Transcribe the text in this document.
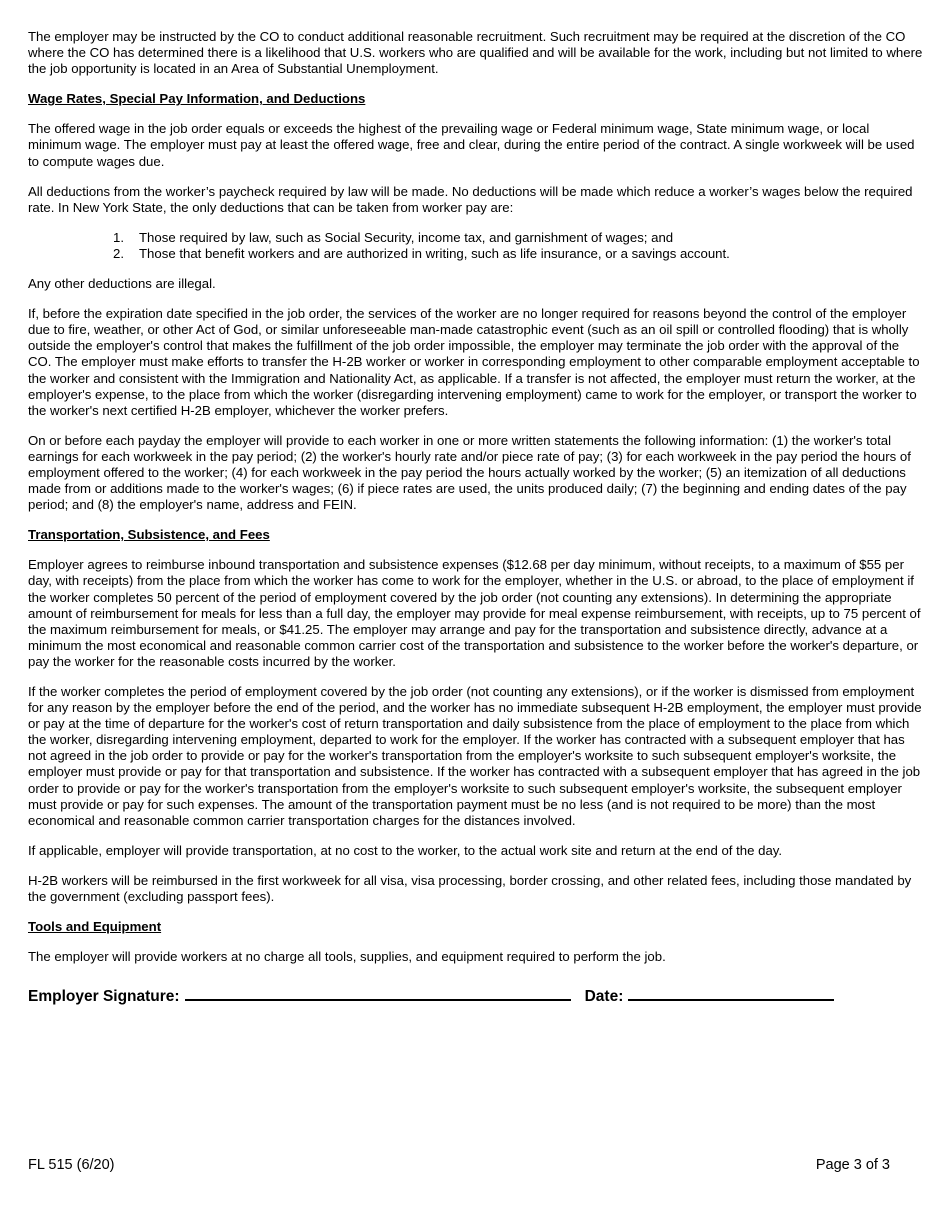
The employer may be instructed by the CO to conduct additional reasonable recruitment. Such recruitment may be required at the discretion of the CO where the CO has determined there is a likelihood that U.S. workers who are qualified and will be available for the work, including but not limited to where the job opportunity is located in an Area of Substantial Unemployment.

Wage Rates, Special Pay Information, and Deductions

The offered wage in the job order equals or exceeds the highest of the prevailing wage or Federal minimum wage, State minimum wage, or local minimum wage. The employer must pay at least the offered wage, free and clear, during the entire period of the contract. A single workweek will be used to compute wages due.

All deductions from the worker’s paycheck required by law will be made. No deductions will be made which reduce a worker’s wages below the required rate. In New York State, the only deductions that can be taken from worker pay are:

1. Those required by law, such as Social Security, income tax, and garnishment of wages; and
2. Those that benefit workers and are authorized in writing, such as life insurance, or a savings account.

Any other deductions are illegal.

If, before the expiration date specified in the job order, the services of the worker are no longer required for reasons beyond the control of the employer due to fire, weather, or other Act of God, or similar unforeseeable man-made catastrophic event (such as an oil spill or controlled flooding) that is wholly outside the employer's control that makes the fulfillment of the job order impossible, the employer may terminate the job order with the approval of the CO. The employer must make efforts to transfer the H-2B worker or worker in corresponding employment to other comparable employment acceptable to the worker and consistent with the Immigration and Nationality Act, as applicable. If a transfer is not affected, the employer must return the worker, at the employer's expense, to the place from which the worker (disregarding intervening employment) came to work for the employer, or transport the worker to the worker's next certified H-2B employer, whichever the worker prefers.

On or before each payday the employer will provide to each worker in one or more written statements the following information: (1) the worker's total earnings for each workweek in the pay period; (2) the worker's hourly rate and/or piece rate of pay; (3) for each workweek in the pay period the hours of employment offered to the worker; (4) for each workweek in the pay period the hours actually worked by the worker; (5) an itemization of all deductions made from or additions made to the worker's wages; (6) if piece rates are used, the units produced daily; (7) the beginning and ending dates of the pay period; and (8) the employer's name, address and FEIN.

Transportation, Subsistence, and Fees

Employer agrees to reimburse inbound transportation and subsistence expenses ($12.68 per day minimum, without receipts, to a maximum of $55 per day, with receipts) from the place from which the worker has come to work for the employer, whether in the U.S. or abroad, to the place of employment if the worker completes 50 percent of the period of employment covered by the job order (not counting any extensions). In determining the appropriate amount of reimbursement for meals for less than a full day, the employer may provide for meal expense reimbursement, with receipts, up to 75 percent of the maximum reimbursement for meals, or $41.25. The employer may arrange and pay for the transportation and subsistence directly, advance at a minimum the most economical and reasonable common carrier cost of the transportation and subsistence to the worker before the worker's departure, or pay the worker for the reasonable costs incurred by the worker.

If the worker completes the period of employment covered by the job order (not counting any extensions), or if the worker is dismissed from employment for any reason by the employer before the end of the period, and the worker has no immediate subsequent H-2B employment, the employer must provide or pay at the time of departure for the worker's cost of return transportation and daily subsistence from the place of employment to the place from which the worker, disregarding intervening employment, departed to work for the employer. If the worker has contracted with a subsequent employer that has not agreed in the job order to provide or pay for the worker's transportation from the employer's worksite to such subsequent employer's worksite, the employer must provide or pay for that transportation and subsistence. If the worker has contracted with a subsequent employer that has agreed in the job order to provide or pay for the worker's transportation from the employer's worksite to such subsequent employer's worksite, the subsequent employer must provide or pay for such expenses. The amount of the transportation payment must be no less (and is not required to be more) than the most economical and reasonable common carrier transportation charges for the distances involved.

If applicable, employer will provide transportation, at no cost to the worker, to the actual work site and return at the end of the day.

H-2B workers will be reimbursed in the first workweek for all visa, visa processing, border crossing, and other related fees, including those mandated by the government (excluding passport fees).

Tools and Equipment

The employer will provide workers at no charge all tools, supplies, and equipment required to perform the job.

Employer Signature:	Date:
FL 515 (6/20)	Page 3 of 3
